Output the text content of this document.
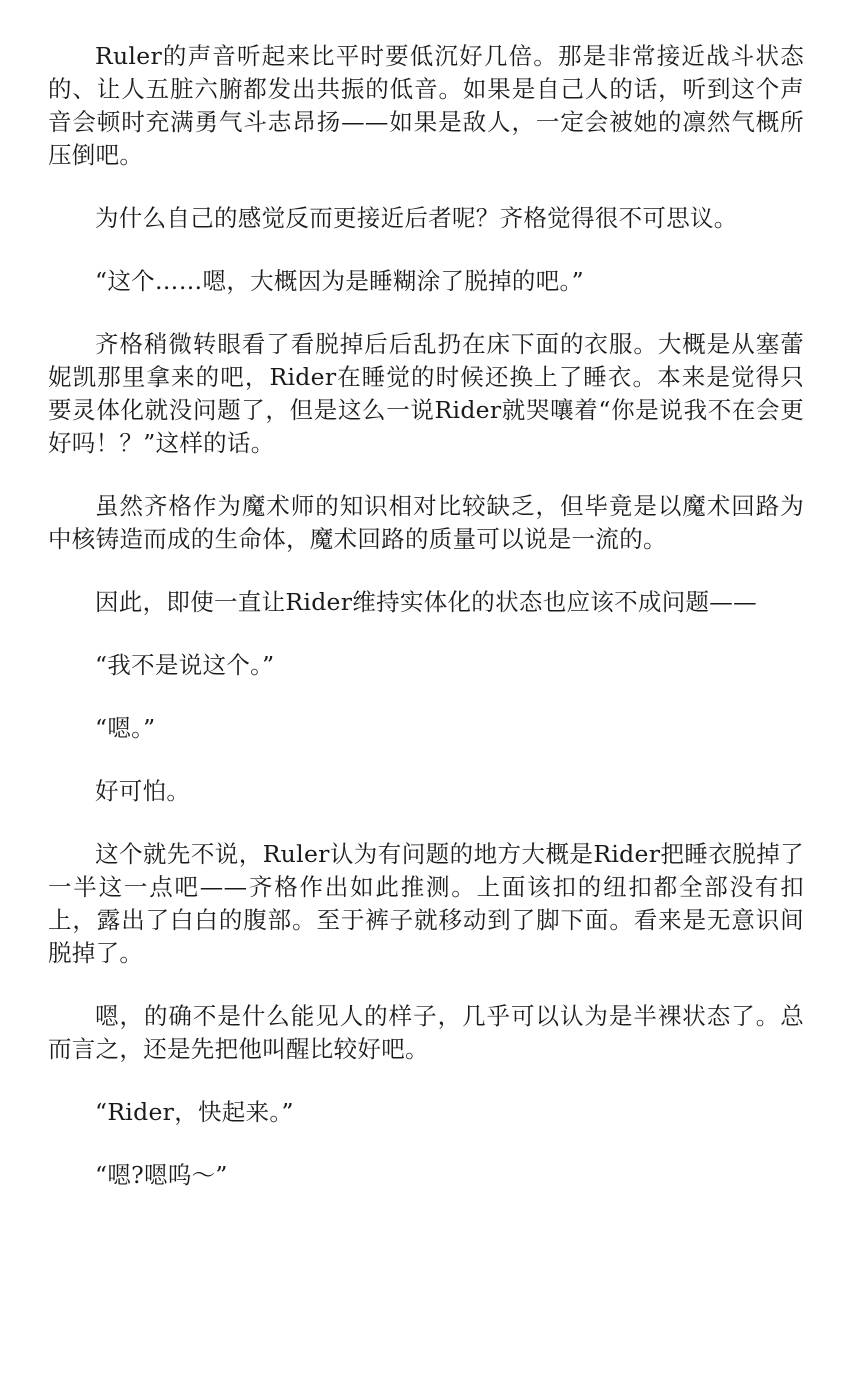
Ruler的声音听起来比平时要低沉好几倍。那是非常接近战斗状态的、让人五脏六腑都发出共振的低音。如果是自己人的话，听到这个声音会顿时充满勇气斗志昂扬——如果是敌人，一定会被她的凛然气概所压倒吧。

为什么自己的感觉反而更接近后者呢？齐格觉得很不可思议。

“这个……嗯，大概因为是睡糊涂了脱掉的吧。”

齐格稍微转眼看了看脱掉后后乱扔在床下面的衣服。大概是从塞蕾妮凯那里拿来的吧，Rider在睡觉的时候还换上了睡衣。本来是觉得只要灵体化就没问题了，但是这么一说Rider就哭嚷着“你是说我不在会更好吗！？”这样的话。

虽然齐格作为魔术师的知识相对比较缺乏，但毕竟是以魔术回路为中核铸造而成的生命体，魔术回路的质量可以说是一流的。

因此，即使一直让Rider维持实体化的状态也应该不成问题——

“我不是说这个。”

“嗯。”

好可怕。

这个就先不说，Ruler认为有问题的地方大概是Rider把睡衣脱掉了一半这一点吧——齐格作出如此推测。上面该扣的纽扣都全部没有扣上，露出了白白的腹部。至于裤子就移动到了脚下面。看来是无意识间脱掉了。

嗯，的确不是什么能见人的样子，几乎可以认为是半裸状态了。总而言之，还是先把他叫醒比较好吧。

“Rider，快起来。”

“嗯?嗯呜～”
